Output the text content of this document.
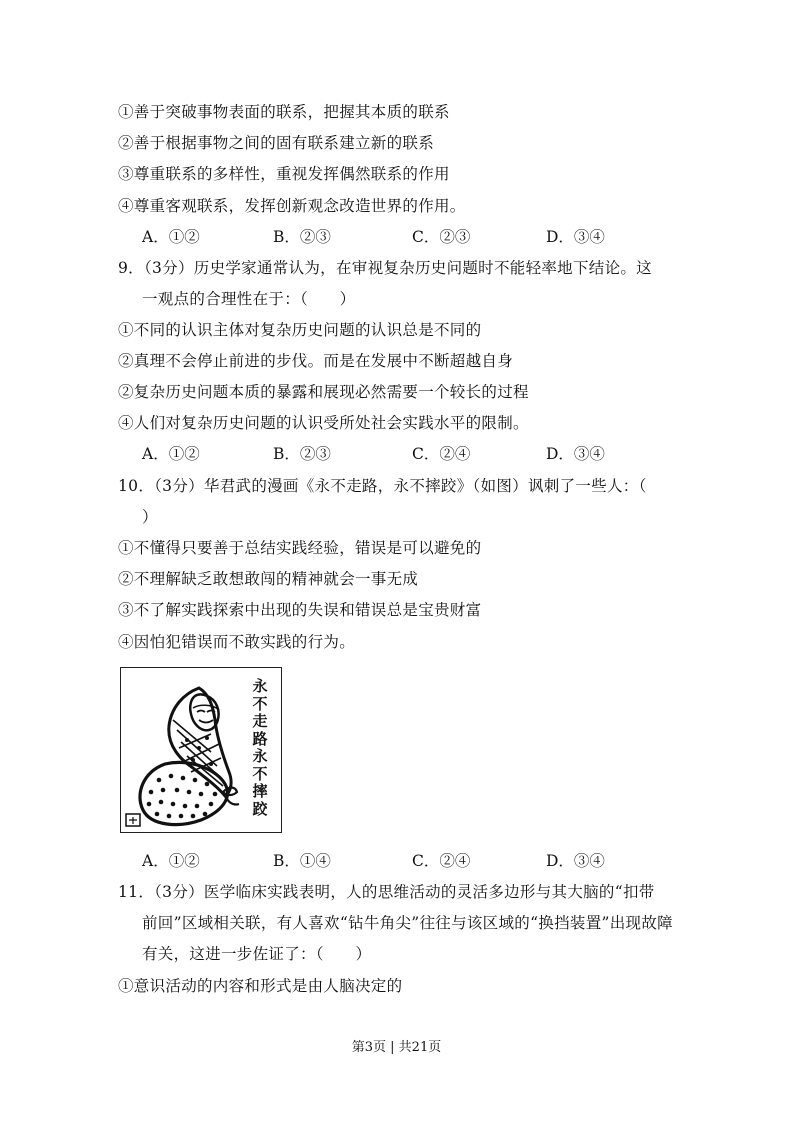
①善于突破事物表面的联系，把握其本质的联系
②善于根据事物之间的固有联系建立新的联系
③尊重联系的多样性，重视发挥偶然联系的作用
④尊重客观联系，发挥创新观念改造世界的作用。
A．①②	B．②③	C．②③	D．③④
9．（3分）历史学家通常认为，在审视复杂历史问题时不能轻率地下结论。这
一观点的合理性在于：（　　）
①不同的认识主体对复杂历史问题的认识总是不同的
②真理不会停止前进的步伐。而是在发展中不断超越自身
②复杂历史问题本质的暴露和展现必然需要一个较长的过程
④人们对复杂历史问题的认识受所处社会实践水平的限制。
A．①②	B．②③	C．②④	D．③④
10．（3分）华君武的漫画《永不走路，永不摔跤》（如图）讽刺了一些人：（
）
①不懂得只要善于总结实践经验，错误是可以避免的
②不理解缺乏敢想敢闯的精神就会一事无成
③不了解实践探索中出现的失误和错误总是宝贵财富
④因怕犯错误而不敢实践的行为。
永
不
走
路
永
不
摔
跤
A．①②	B．①④	C．②④	D．③④
11．（3分）医学临床实践表明，人的思维活动的灵活多边形与其大脑的“扣带
前回”区域相关联，有人喜欢“钻牛角尖”往往与该区域的“换挡装置”出现故障
有关，这进一步佐证了：（　　）
①意识活动的内容和形式是由人脑决定的
第3页 | 共21页
